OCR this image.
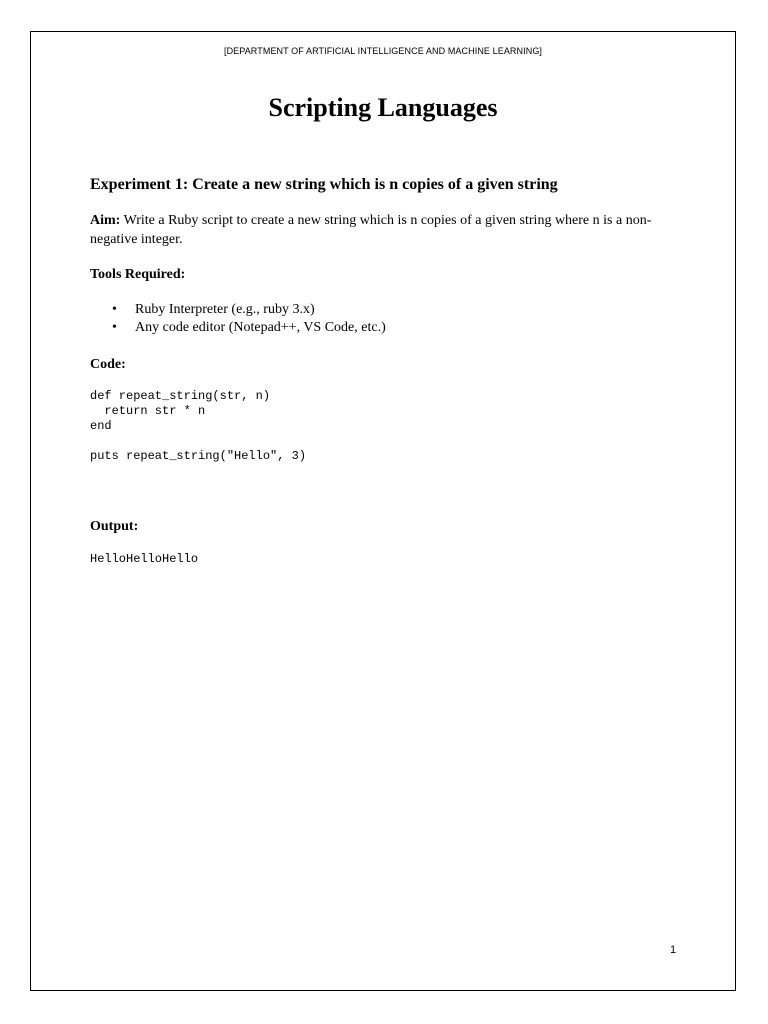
[DEPARTMENT OF ARTIFICIAL INTELLIGENCE AND MACHINE LEARNING]
Scripting Languages
Experiment 1: Create a new string which is n copies of a given string

Aim: Write a Ruby script to create a new string which is n copies of a given string where n is a non-negative integer.

Tools Required:

• Ruby Interpreter (e.g., ruby 3.x)
• Any code editor (Notepad++, VS Code, etc.)

Code:

def repeat_string(str, n)
return str * n
end
puts repeat_string("Hello", 3)

Output:

HelloHelloHello
1
